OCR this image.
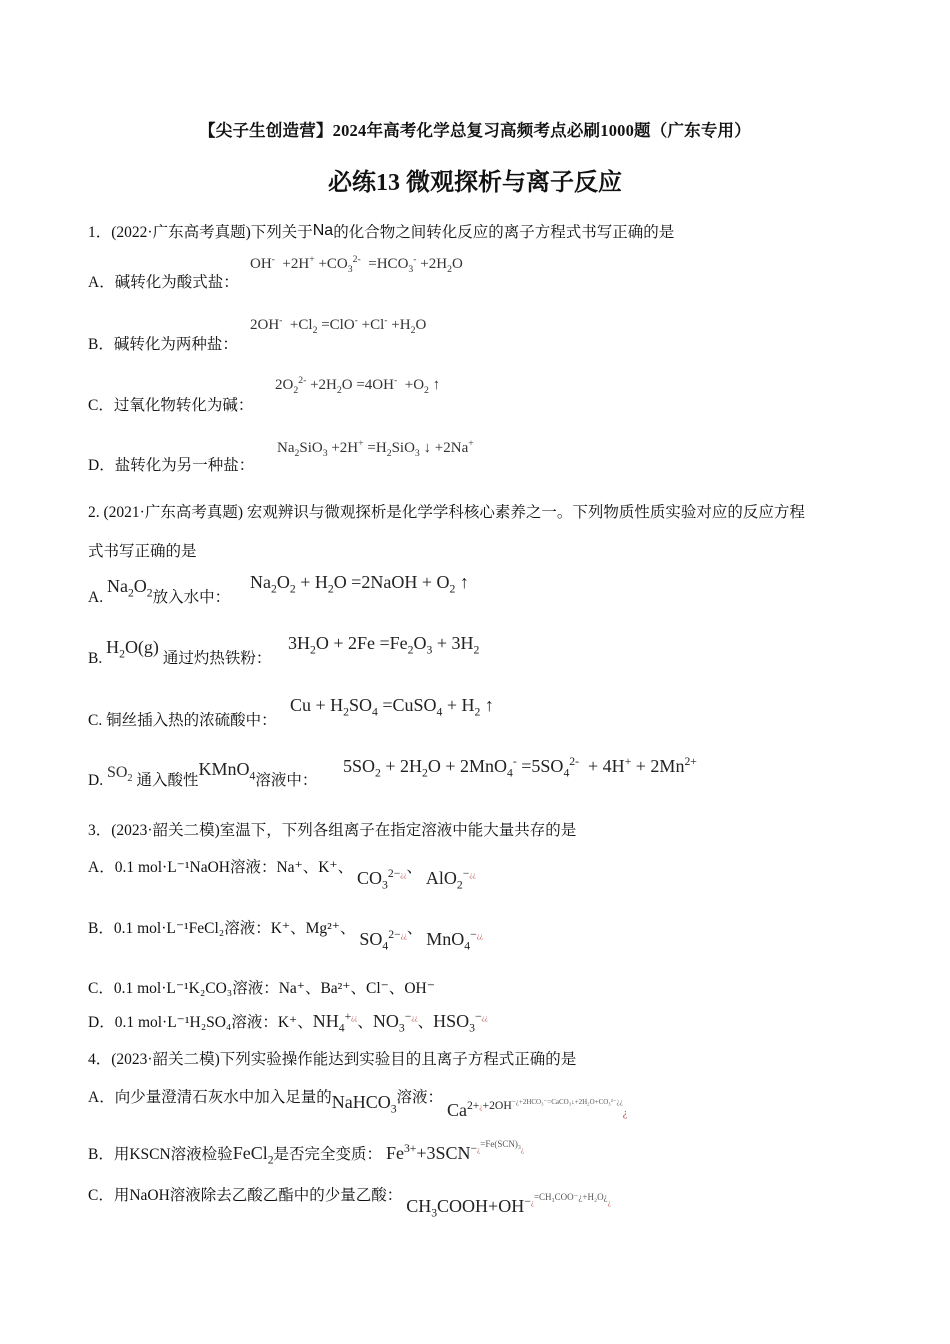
【尖子生创造营】2024年高考化学总复习高频考点必刷1000题（广东专用）
必练13 微观探析与离子反应
1．(2022·广东高考真题)下列关于Na的化合物之间转化反应的离子方程式书写正确的是
A．碱转化为酸式盐：
$OH^- +2H^+ +CO_3^{2-} =HCO_3^- +2H_2O$
B．碱转化为两种盐：
$2OH^- +Cl_2 =ClO^- +Cl^- +H_2O$
C．过氧化物转化为碱：
$2O_2^{2-} +2H_2O =4OH^- +O_2$ ↑
D．盐转化为另一种盐：
$Na_2SiO_3 +2H^+ =H_2SiO_3$ ↓ +2Na+
2. (2021·广东高考真题) 宏观辨识与微观探析是化学学科核心素养之一。下列物质性质实验对应的反应方程
式书写正确的是
A. $Na_2O_2$放入水中：
$Na_2O_2 + H_2O$ =2NaOH + $O_2$ ↑
B. $H_2O(g)$ 通过灼热铁粉：
$3H_2O + 2Fe =Fe_2O_3 + 3H_2$
C. 铜丝插入热的浓硫酸中：
$Cu + H_2SO_4$ =CuSO$_4$ + $H_2$ ↑
D. $SO_2$ 通入酸性KMnO$_4$溶液中：
$5SO_2 + 2H_2O + 2MnO_4^- =5SO_4^{2-} + 4H^+ + 2Mn^{2+}$
3．(2023·韶关二模)室温下，下列各组离子在指定溶液中能大量共存的是
A．0.1 mol·L⁻¹NaOH溶液：Na⁺、K⁺、 $CO_3^{2-¿¿}$、 AlO$_2$−¿¿
B．0.1 mol·L⁻¹FeCl₂溶液：K⁺、Mg²⁺、 $SO_4^{2-¿¿}$、 MnO$_4$−¿¿
C．0.1 mol·L⁻¹K₂CO₃溶液：Na⁺、Ba²⁺、Cl⁻、OH⁻
D．0.1 mol·L⁻¹H₂SO₄溶液：K⁺、$NH_4^{+¿¿}$、$NO_3^{-¿¿}$、$HSO_3^{-¿¿}$
4．(2023·韶关二模)下列实验操作能达到实验目的且离子方程式正确的是
A．向少量澄清石灰水中加入足量的NaHCO$_3$溶液： $Ca^{2+¿+2OH^{-¿+2HCO_3^-=CaCO_3↓+2H_2O+CO_3^{2-}¿¿}}¿$
B．用KSCN溶液检验FeCl$_2$是否完全变质： $Fe^{3+}+3SCN^{-¿^{=Fe(SCN)_3}¿}$
C．用NaOH溶液除去乙酸乙酯中的少量乙酸： $CH_3COOH+OH^{-¿^{=CH_3COO^-¿+H_2O¿}¿}$
